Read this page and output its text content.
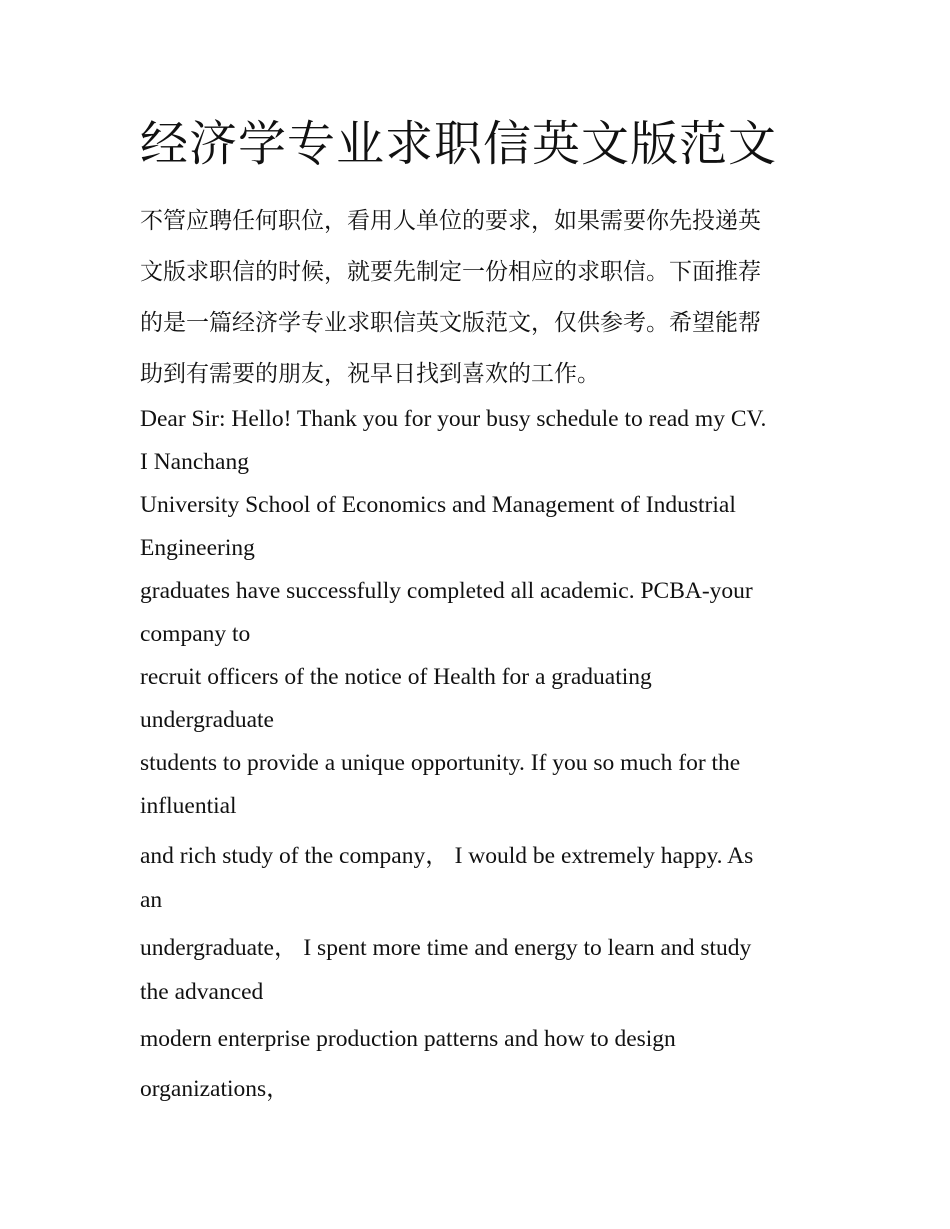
经济学专业求职信英文版范文

不管应聘任何职位，看用人单位的要求，如果需要你先投递英
文版求职信的时候，就要先制定一份相应的求职信。下面推荐
的是一篇经济学专业求职信英文版范文，仅供参考。希望能帮
助到有需要的朋友，祝早日找到喜欢的工作。

Dear Sir: Hello! Thank you for your busy schedule to read my CV.
I Nanchang

University School of Economics and Management of Industrial
Engineering

graduates have successfully completed all academic. PCBA-your
company to

recruit officers of the notice of Health for a graduating
undergraduate

students to provide a unique opportunity. If you so much for the
influential

and rich study of the company， I would be extremely happy. As
an

undergraduate， I spent more time and energy to learn and study
the advanced

modern enterprise production patterns and how to design
organizations，
